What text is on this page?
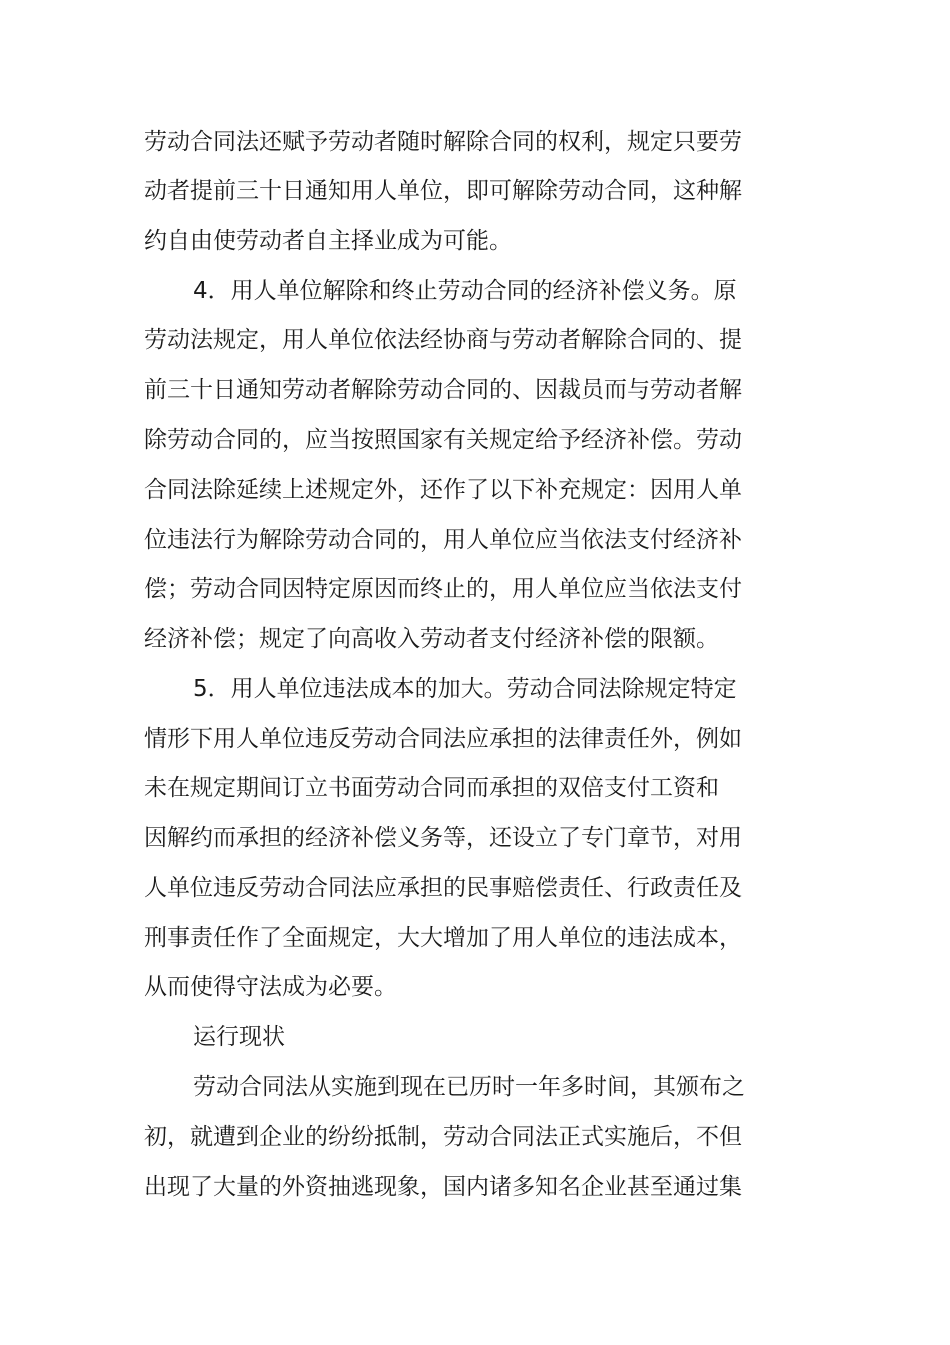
劳动合同法还赋予劳动者随时解除合同的权利，规定只要劳
动者提前三十日通知用人单位，即可解除劳动合同，这种解
约自由使劳动者自主择业成为可能。
4．用人单位解除和终止劳动合同的经济补偿义务。原
劳动法规定，用人单位依法经协商与劳动者解除合同的、提
前三十日通知劳动者解除劳动合同的、因裁员而与劳动者解
除劳动合同的，应当按照国家有关规定给予经济补偿。劳动
合同法除延续上述规定外，还作了以下补充规定：因用人单
位违法行为解除劳动合同的，用人单位应当依法支付经济补
偿；劳动合同因特定原因而终止的，用人单位应当依法支付
经济补偿；规定了向高收入劳动者支付经济补偿的限额。
5．用人单位违法成本的加大。劳动合同法除规定特定
情形下用人单位违反劳动合同法应承担的法律责任外，例如
未在规定期间订立书面劳动合同而承担的双倍支付工资和
因解约而承担的经济补偿义务等，还设立了专门章节，对用
人单位违反劳动合同法应承担的民事赔偿责任、行政责任及
刑事责任作了全面规定，大大增加了用人单位的违法成本，
从而使得守法成为必要。
运行现状
劳动合同法从实施到现在已历时一年多时间，其颁布之
初，就遭到企业的纷纷抵制，劳动合同法正式实施后，不但
出现了大量的外资抽逃现象，国内诸多知名企业甚至通过集
